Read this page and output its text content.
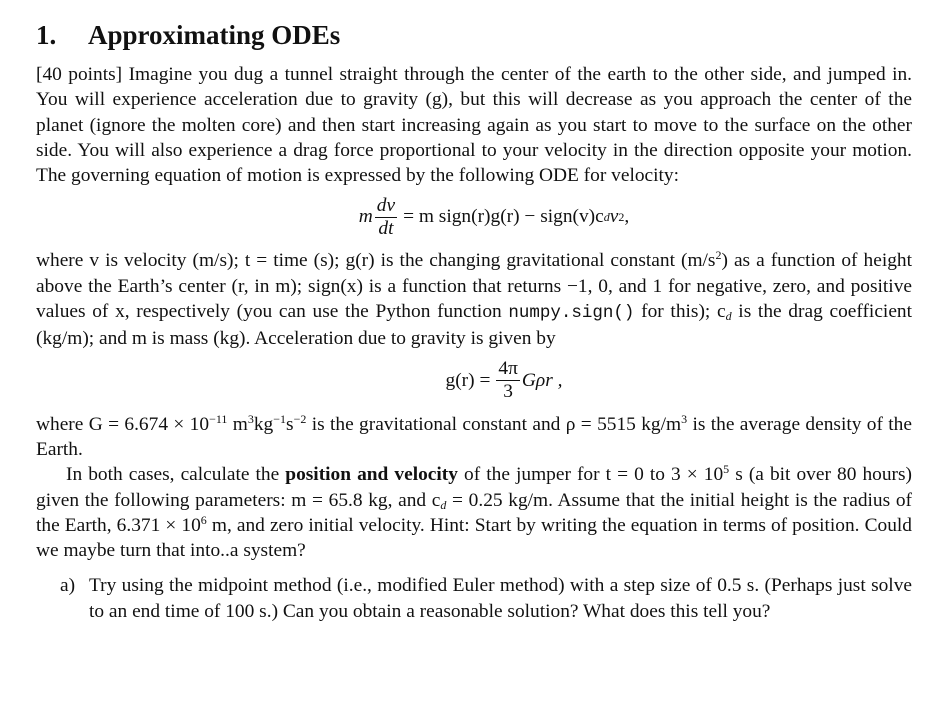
1. Approximating ODEs

[40 points] Imagine you dug a tunnel straight through the center of the earth to the other side, and jumped in. You will experience acceleration due to gravity (g), but this will decrease as you approach the center of the planet (ignore the molten core) and then start increasing again as you start to move to the surface on the other side. You will also experience a drag force proportional to your velocity in the direction opposite your motion. The governing equation of motion is expressed by the following ODE for velocity:

m $\frac{dv}{dt} = m$ sign(r)g(r) − sign(v)c d v 2 ,

where v is velocity (m/s); t = time (s); g(r) is the changing gravitational constant $(m/s^2)$ as a function of height above the Earth’s center (r, in m); sign(x) is a function that returns −1, 0, and 1 for negative, zero, and positive values of x, respectively (you can use the Python function numpy.sign() for this); $c_d$ is the drag coefficient (kg/m); and m is mass (kg). Acceleration due to gravity is given by

$g(r) = \frac{4\pi}{3}$ Gρr ,

where $G = 6.674 \times 10^{-11}$ $m^3kg^{-1}s^{-2}$ is the gravitational constant and ρ = 5515 $kg/m^3$ is the average density of the Earth.

In both cases, calculate the position and velocity of the jumper for t = 0 to $3 \times 10^5$ s (a bit over 80 hours) given the following parameters: m = 65.8 kg, and $c_d = 0.25$ kg/m. Assume that the initial height is the radius of the Earth, $6.371 \times 10^6$ m, and zero initial velocity. Hint: Start by writing the equation in terms of position. Could we maybe turn that into..a system?

a) Try using the midpoint method (i.e., modified Euler method) with a step size of 0.5 s. (Perhaps just solve to an end time of 100 s.) Can you obtain a reasonable solution? What does this tell you?
